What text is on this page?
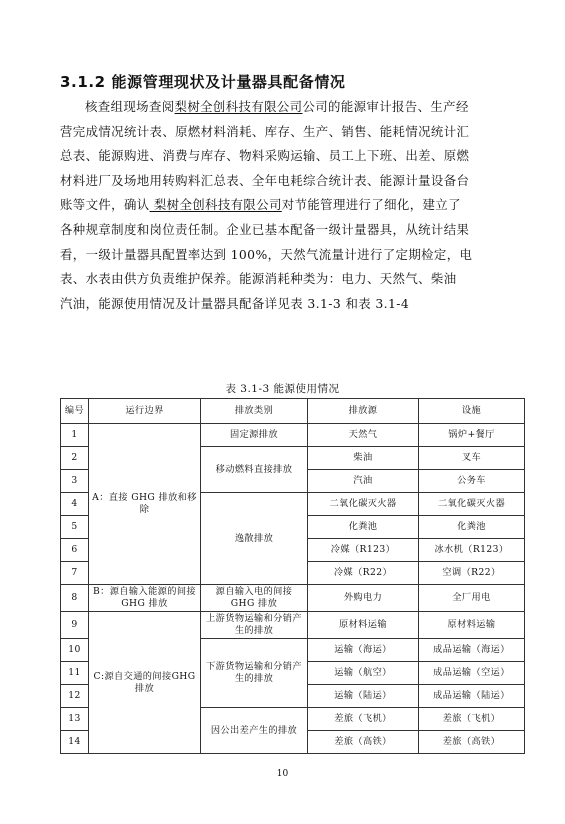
3.1.2 能源管理现状及计量器具配备情况
核查组现场查阅梨树全创科技有限公司公司的能源审计报告、生产经
营完成情况统计表、原燃材料消耗、库存、生产、销售、能耗情况统计汇
总表、能源购进、消费与库存、物料采购运输、员工上下班、出差、原燃
材料进厂及场地用转购料汇总表、全年电耗综合统计表、能源计量设备台
账等文件，确认 梨树全创科技有限公司对节能管理进行了细化，建立了
各种规章制度和岗位责任制。企业已基本配备一级计量器具，从统计结果
看，一级计量器具配置率达到 100%，天然气流量计进行了定期检定，电
表、水表由供方负责维护保养。能源消耗种类为：电力、天然气、柴油
汽油，能源使用情况及计量器具配备详见表 3.1-3 和表 3.1-4
表 3.1-3 能源使用情况
编号	运行边界	排放类别	排放源	设施
1	A：直接 GHG 排放和移除	固定源排放	天然气	锅炉+餐厅
2		移动燃料直接排放	柴油	叉车
3			汽油	公务车
4		逸散排放	二氧化碳灭火器	二氧化碳灭火器
5			化粪池	化粪池
6			冷媒（R123）	冰水机（R123）
7			冷媒（R22）	空调（R22）
8	B：源自输入能源的间接 GHG 排放	源自输入电的间接 GHG 排放	外购电力	全厂用电
9	C:源自交通的间接GHG排放	上游货物运输和分销产生的排放	原材料运输	原材料运输
10		下游货物运输和分销产生的排放	运输（海运）	成品运输（海运）
11			运输（航空）	成品运输（空运）
12			运输（陆运）	成品运输（陆运）
13		因公出差产生的排放	差旅（飞机）	差旅（飞机）
14			差旅（高铁）	差旅（高铁）
10
